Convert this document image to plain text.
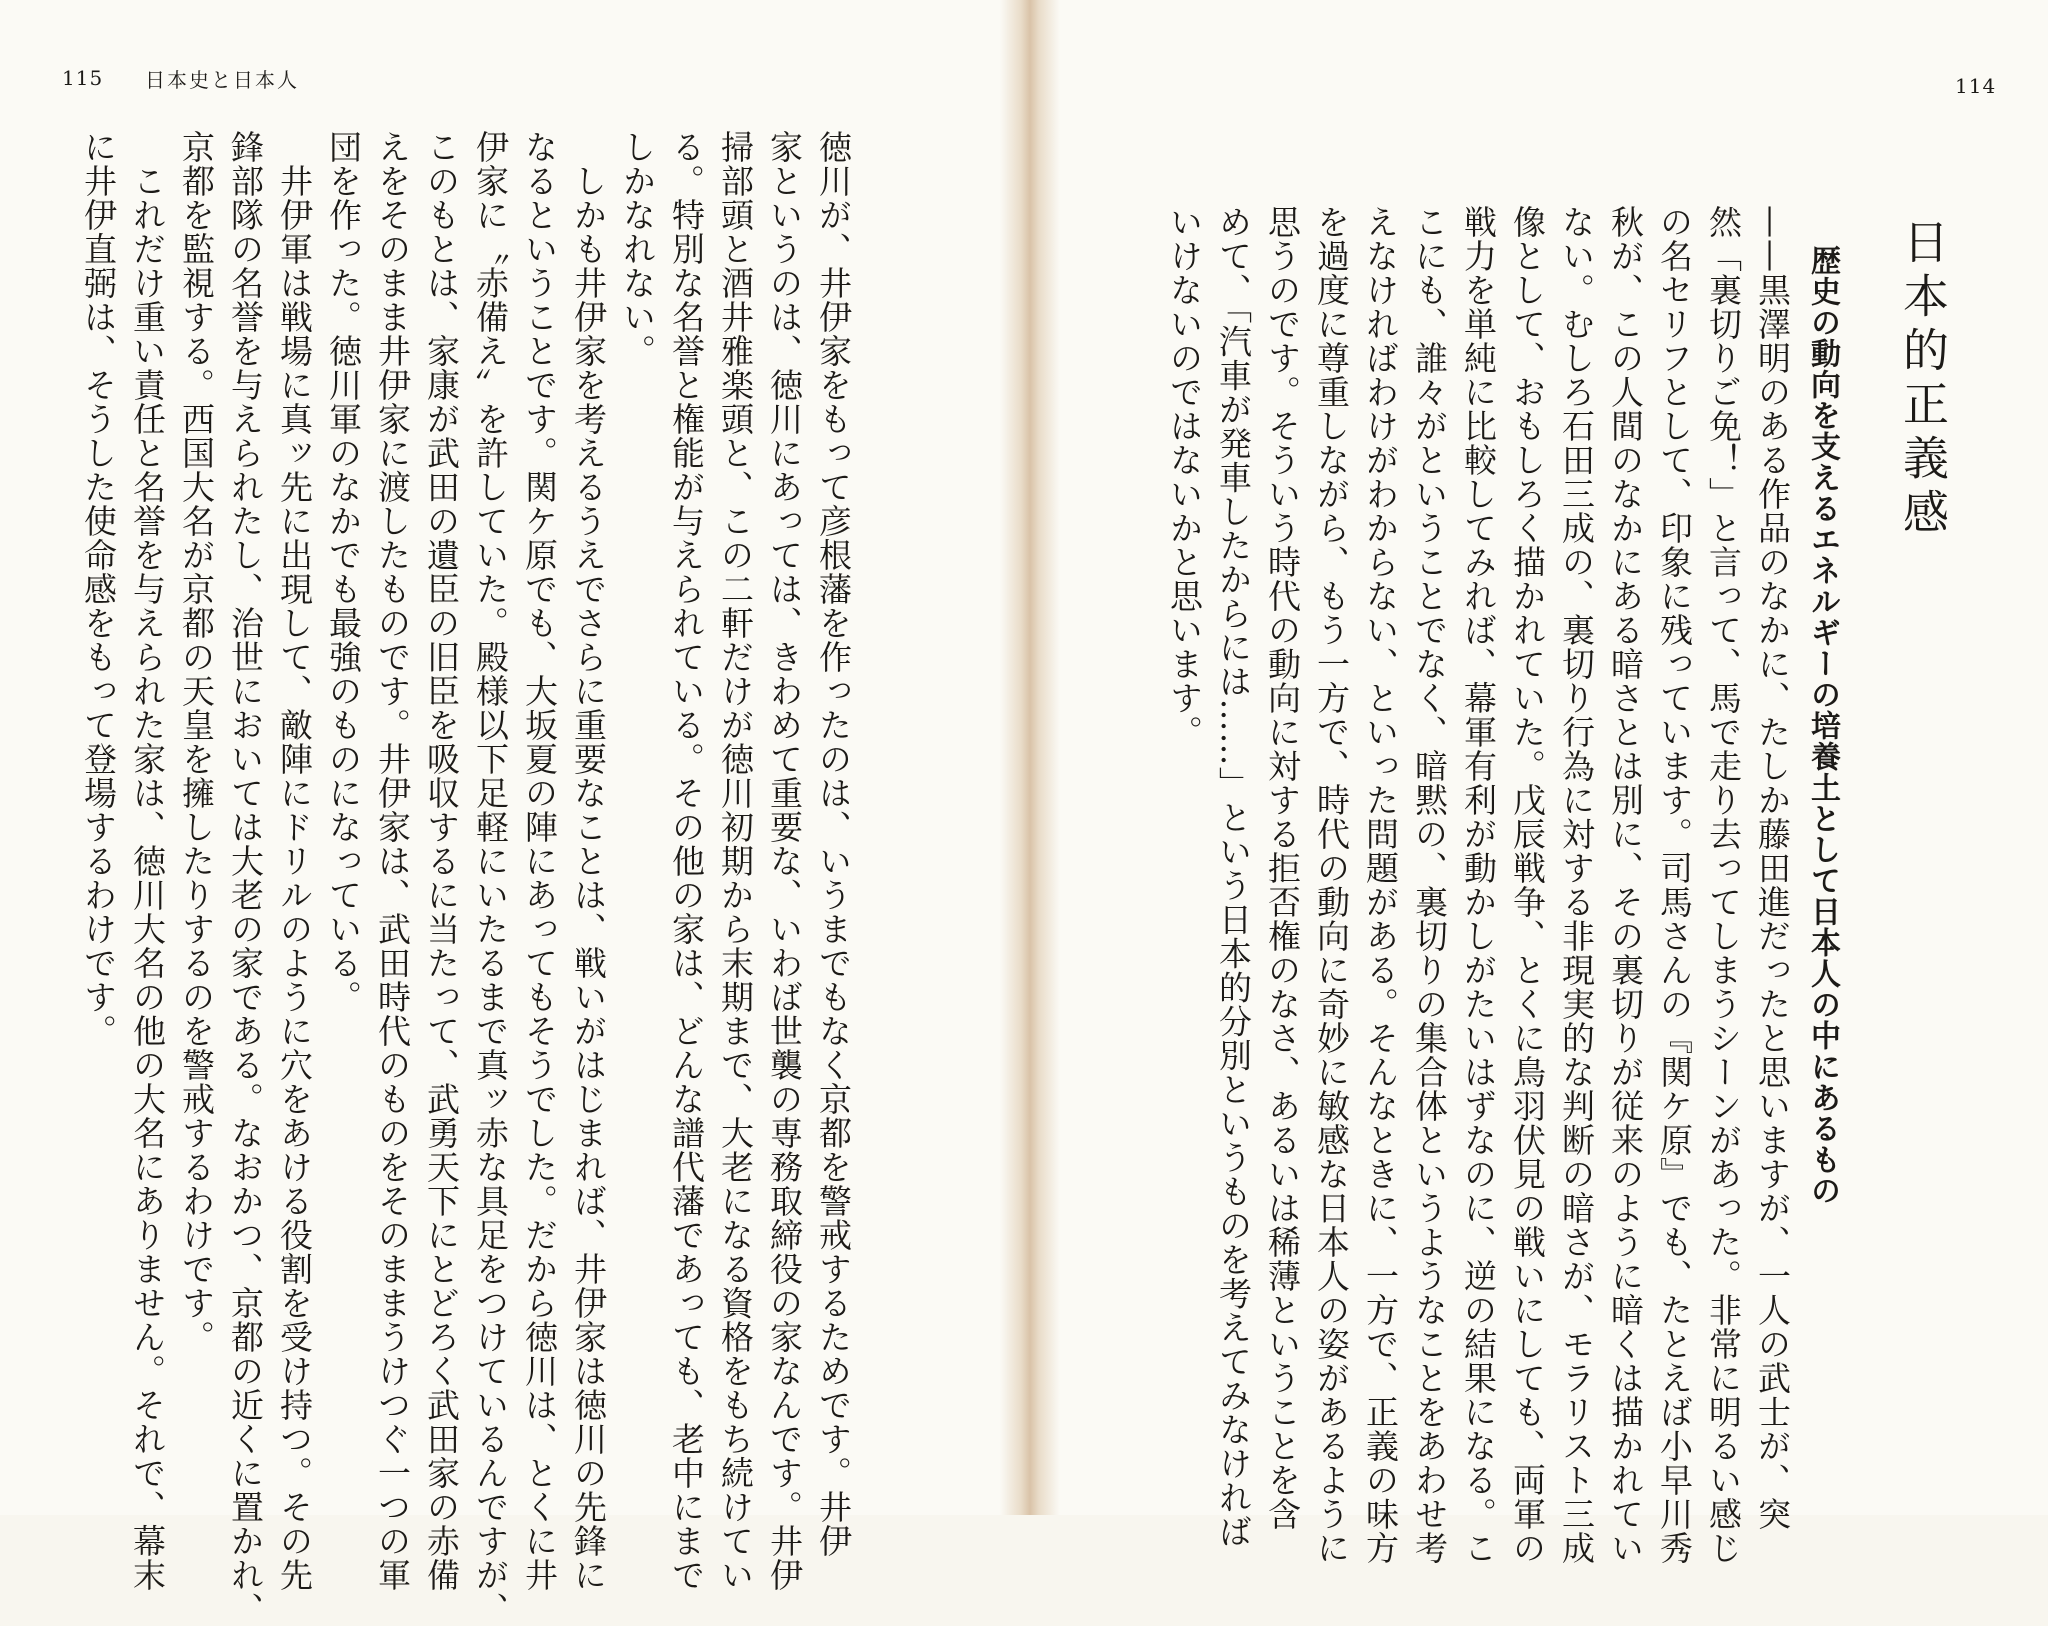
115 日本史と日本人

徳川が、井伊家をもって彦根藩を作ったのは、いうまでもなく京都を警戒するためです。井伊

家というのは、徳川にあっては、きわめて重要な、いわば世襲の専務取締役の家なんです。井伊

掃部頭と酒井雅楽頭と、この二軒だけが徳川初期から末期まで、大老になる資格をもち続けてい

る。特別な名誉と権能が与えられている。その他の家は、どんな譜代藩であっても、老中にまで

しかなれない。

　しかも井伊家を考えるうえでさらに重要なことは、戦いがはじまれば、井伊家は徳川の先鋒に

なるということです。関ケ原でも、大坂夏の陣にあってもそうでした。だから徳川は、とくに井

伊家に〝赤備え〟を許していた。殿様以下足軽にいたるまで真ッ赤な具足をつけているんですが、

このもとは、家康が武田の遺臣の旧臣を吸収するに当たって、武勇天下にとどろく武田家の赤備

えをそのまま井伊家に渡したものです。井伊家は、武田時代のものをそのままうけつぐ一つの軍

団を作った。徳川軍のなかでも最強のものになっている。

　井伊軍は戦場に真ッ先に出現して、敵陣にドリルのように穴をあける役割を受け持つ。その先

鋒部隊の名誉を与えられたし、治世においては大老の家である。なおかつ、京都の近くに置かれ、

京都を監視する。西国大名が京都の天皇を擁したりするのを警戒するわけです。

　これだけ重い責任と名誉を与えられた家は、徳川大名の他の大名にありません。それで、幕末

に井伊直弼は、そうした使命感をもって登場するわけです。

114
日本的正義感
歴史の動向を支えるエネルギーの培養土として日本人の中にあるもの

——黒澤明のある作品のなかに、たしか藤田進だったと思いますが、一人の武士が、突

然「裏切りご免！」と言って、馬で走り去ってしまうシーンがあった。非常に明るい感じ

の名セリフとして、印象に残っています。司馬さんの『関ケ原』でも、たとえば小早川秀

秋が、この人間のなかにある暗さとは別に、その裏切りが従来のように暗くは描かれてい

ない。むしろ石田三成の、裏切り行為に対する非現実的な判断の暗さが、モラリスト三成

像として、おもしろく描かれていた。戊辰戦争、とくに鳥羽伏見の戦いにしても、両軍の

戦力を単純に比較してみれば、幕軍有利が動かしがたいはずなのに、逆の結果になる。こ

こにも、誰々がということでなく、暗黙の、裏切りの集合体というようなことをあわせ考

えなければわけがわからない、といった問題がある。そんなときに、一方で、正義の味方

を過度に尊重しながら、もう一方で、時代の動向に奇妙に敏感な日本人の姿があるように

思うのです。そういう時代の動向に対する拒否権のなさ、あるいは稀薄ということを含

めて、「汽車が発車したからには……」という日本的分別というものを考えてみなければ

いけないのではないかと思います。
